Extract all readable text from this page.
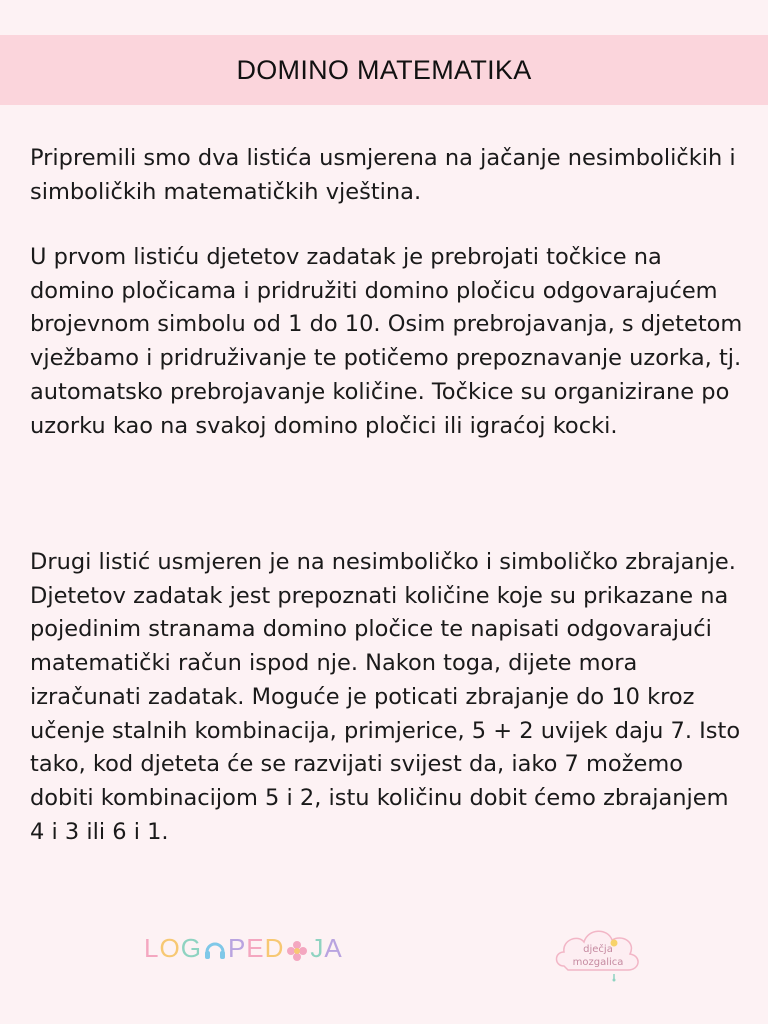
DOMINO MATEMATIKA

Pripremili smo dva listića usmjerena na jačanje nesimboličkih i simboličkih matematičkih vještina.

U prvom listiću djetetov zadatak je prebrojati točkice na domino pločicama i pridružiti domino pločicu odgovarajućem brojevnom simbolu od 1 do 10. Osim prebrojavanja, s djetetom vježbamo i pridruživanje te potičemo prepoznavanje uzorka, tj. automatsko prebrojavanje količine. Točkice su organizirane po uzorku kao na svakoj domino pločici ili igraćoj kocki.

Drugi listić usmjeren je na nesimboličko i simboličko zbrajanje. Djetetov zadatak jest prepoznati količine koje su prikazane na pojedinim stranama domino pločice te napisati odgovarajući matematički račun ispod nje. Nakon toga, dijete mora izračunati zadatak. Moguće je poticati zbrajanje do 10 kroz učenje stalnih kombinacija, primjerice, 5 + 2 uvijek daju 7. Isto tako, kod djeteta će se razvijati svijest da, iako 7 možemo dobiti kombinacijom 5 i 2, istu količinu dobit ćemo zbrajanjem 4 i 3 ili 6 i 1.

L O G P E D J A	dječja
mozgalica
